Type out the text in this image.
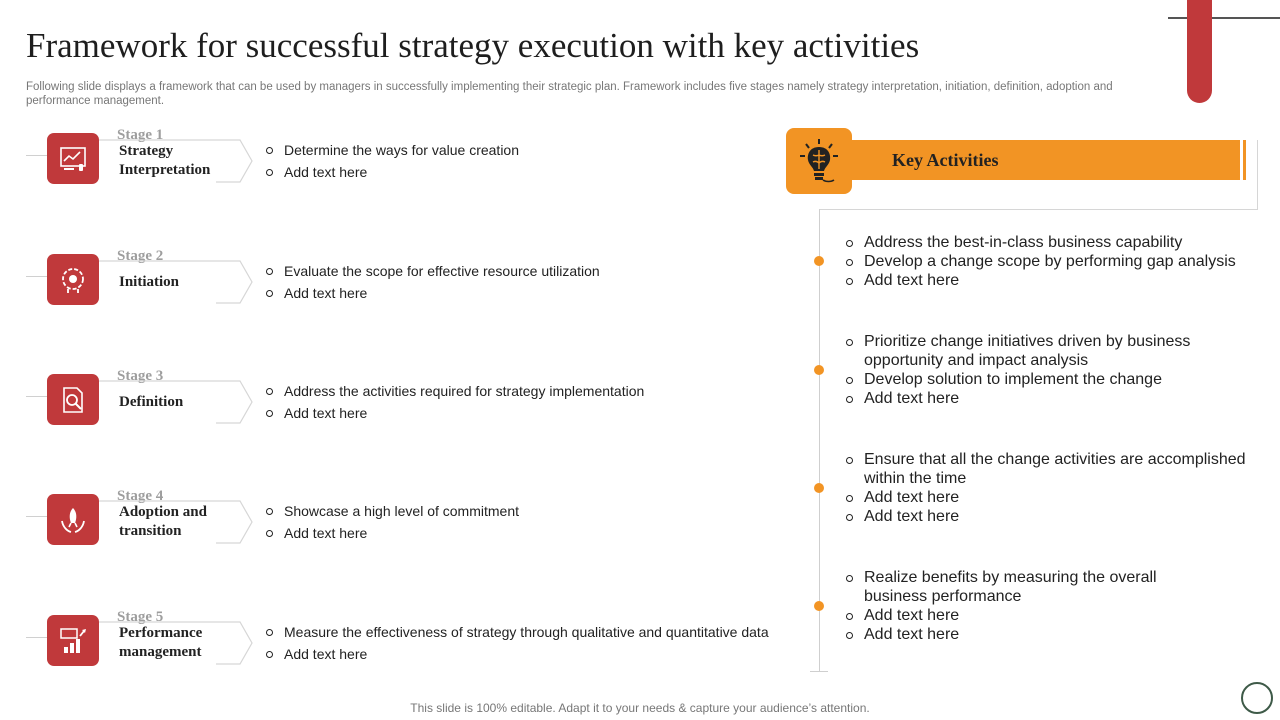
Framework for successful strategy execution with key activities
Following slide displays a framework that can be used by managers in successfully implementing their strategic plan. Framework includes five stages namely strategy interpretation, initiation, definition, adoption and performance management.
Stage 1
Strategy Interpretation
Determine the ways for value creation
Add text here
Stage 2
Initiation
Evaluate the scope for effective resource utilization
Add text here
Stage 3
Definition
Address the activities required for strategy implementation
Add text here
Stage 4
Adoption and transition
Showcase a high level of commitment
Add text here
Stage 5
Performance management
Measure the effectiveness of strategy through qualitative and quantitative data
Add text here
Key Activities
Address the best-in-class business capability
Develop a change scope by performing gap analysis
Add text here
Prioritize change initiatives driven by business opportunity and impact analysis
Develop solution to implement the change
Add text here
Ensure that all the change activities are accomplished within the time
Add text here
Add text here
Realize benefits by measuring the overall business performance
Add text here
Add text here
This slide is 100% editable. Adapt it to your needs & capture your audience’s attention.
